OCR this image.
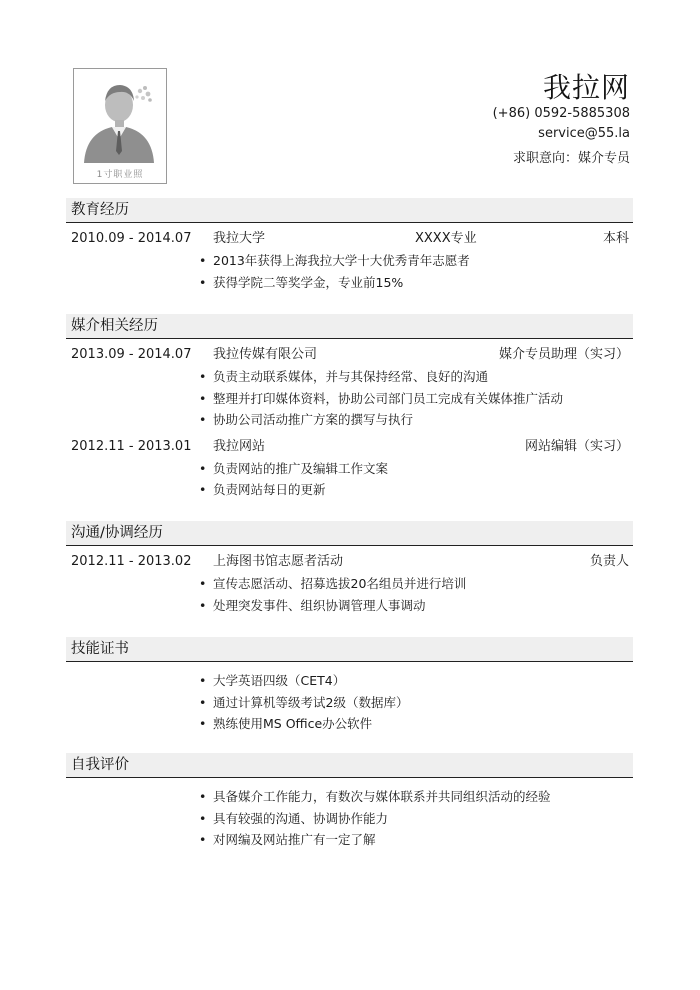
1寸职业照
我拉网
(+86) 0592-5885308
service@55.la
求职意向：媒介专员
教育经历
2010.09 - 2014.07 我拉大学	XXXX专业	本科
• 2013年获得上海我拉大学十大优秀青年志愿者
• 获得学院二等奖学金，专业前15%
媒介相关经历
2013.09 - 2014.07 我拉传媒有限公司	媒介专员助理（实习）
• 负责主动联系媒体，并与其保持经常、良好的沟通
• 整理并打印媒体资料，协助公司部门员工完成有关媒体推广活动
• 协助公司活动推广方案的撰写与执行
2012.11 - 2013.01 我拉网站	网站编辑（实习）
• 负责网站的推广及编辑工作文案
• 负责网站每日的更新
沟通/协调经历
2012.11 - 2013.02 上海图书馆志愿者活动	负责人
• 宣传志愿活动、招募选拔20名组员并进行培训
• 处理突发事件、组织协调管理人事调动
技能证书
• 大学英语四级（CET4）
• 通过计算机等级考试2级（数据库）
• 熟练使用MS Office办公软件
自我评价
• 具备媒介工作能力，有数次与媒体联系并共同组织活动的经验
• 具有较强的沟通、协调协作能力
• 对网编及网站推广有一定了解
